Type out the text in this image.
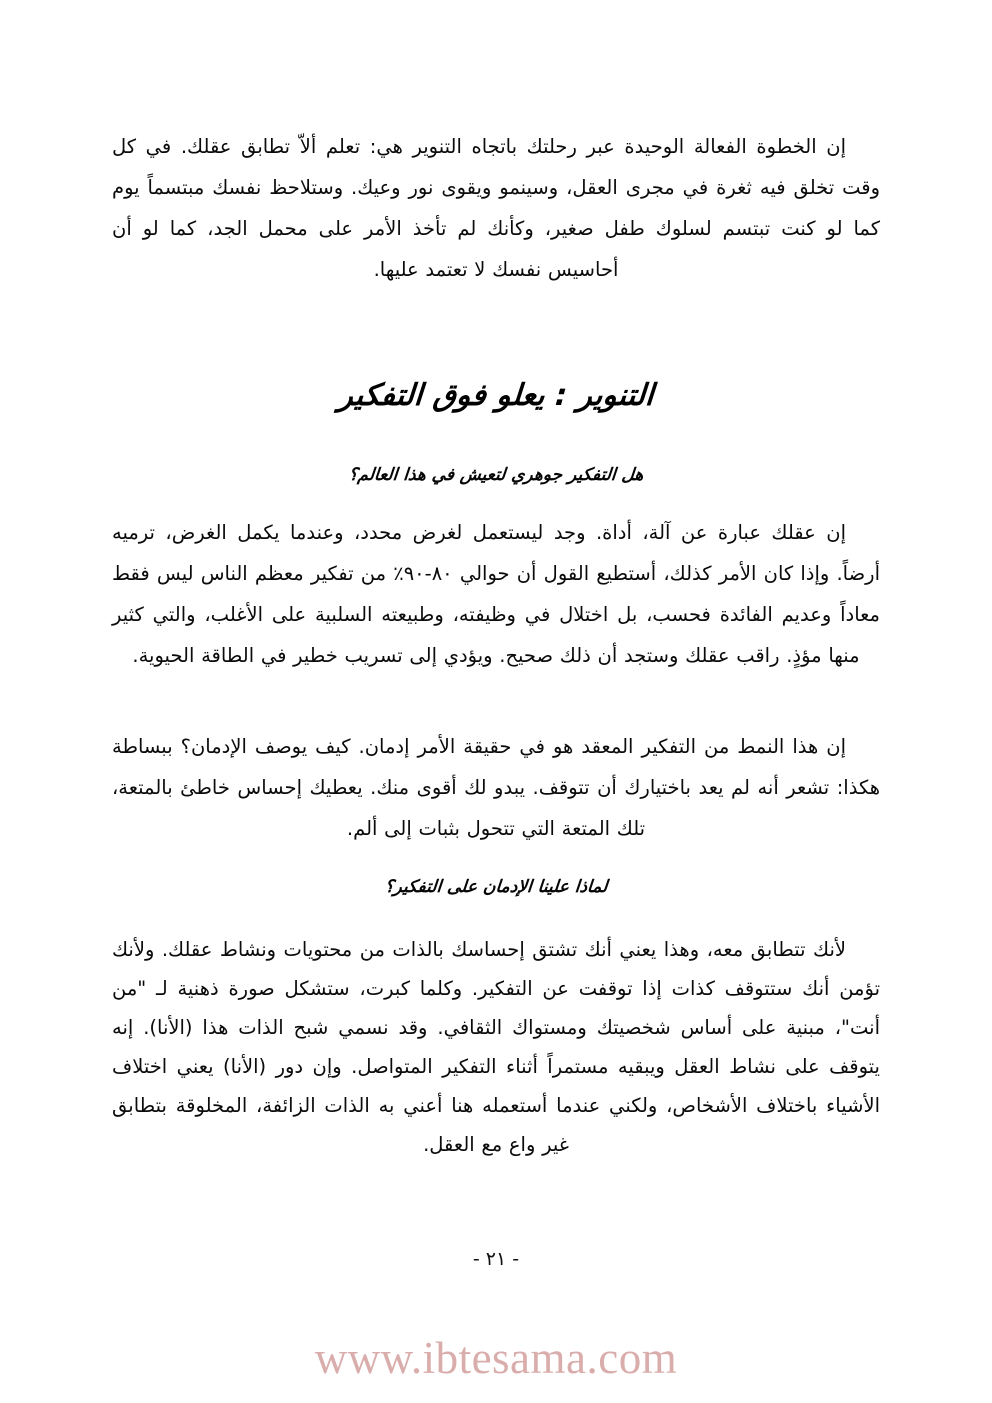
إن الخطوة الفعالة الوحيدة عبر رحلتك باتجاه التنوير هي: تعلم ألاّ تطابق عقلك. في كل وقت تخلق فيه ثغرة في مجرى العقل، وسينمو ويقوى نور وعيك. وستلاحظ نفسك مبتسماً يوم كما لو كنت تبتسم لسلوك طفل صغير، وكأنك لم تأخذ الأمر على محمل الجد، كما لو أن أحاسيس نفسك لا تعتمد عليها.

التنوير : يعلو فوق التفكير
هل التفكير جوهري لتعيش في هذا العالم؟

إن عقلك عبارة عن آلة، أداة. وجد ليستعمل لغرض محدد، وعندما يكمل الغرض، ترميه أرضاً. وإذا كان الأمر كذلك، أستطيع القول أن حوالي ٨٠-٩٠٪ من تفكير معظم الناس ليس فقط معاداً وعديم الفائدة فحسب، بل اختلال في وظيفته، وطبيعته السلبية على الأغلب، والتي كثير منها مؤذٍ. راقب عقلك وستجد أن ذلك صحيح. ويؤدي إلى تسريب خطير في الطاقة الحيوية.

إن هذا النمط من التفكير المعقد هو في حقيقة الأمر إدمان. كيف يوصف الإدمان؟ ببساطة هكذا: تشعر أنه لم يعد باختيارك أن تتوقف. يبدو لك أقوى منك. يعطيك إحساس خاطئ بالمتعة، تلك المتعة التي تتحول بثبات إلى ألم.

لماذا علينا الإدمان على التفكير؟

لأنك تتطابق معه، وهذا يعني أنك تشتق إحساسك بالذات من محتويات ونشاط عقلك. ولأنك تؤمن أنك ستتوقف كذات إذا توقفت عن التفكير. وكلما كبرت، ستشكل صورة ذهنية لـ "من أنت"، مبنية على أساس شخصيتك ومستواك الثقافي. وقد نسمي شبح الذات هذا (الأنا). إنه يتوقف على نشاط العقل ويبقيه مستمراً أثناء التفكير المتواصل. وإن دور (الأنا) يعني اختلاف الأشياء باختلاف الأشخاص، ولكني عندما أستعمله هنا أعني به الذات الزائفة، المخلوقة بتطابق غير واع مع العقل.

- ٢١ -
www.ibtesama.com
